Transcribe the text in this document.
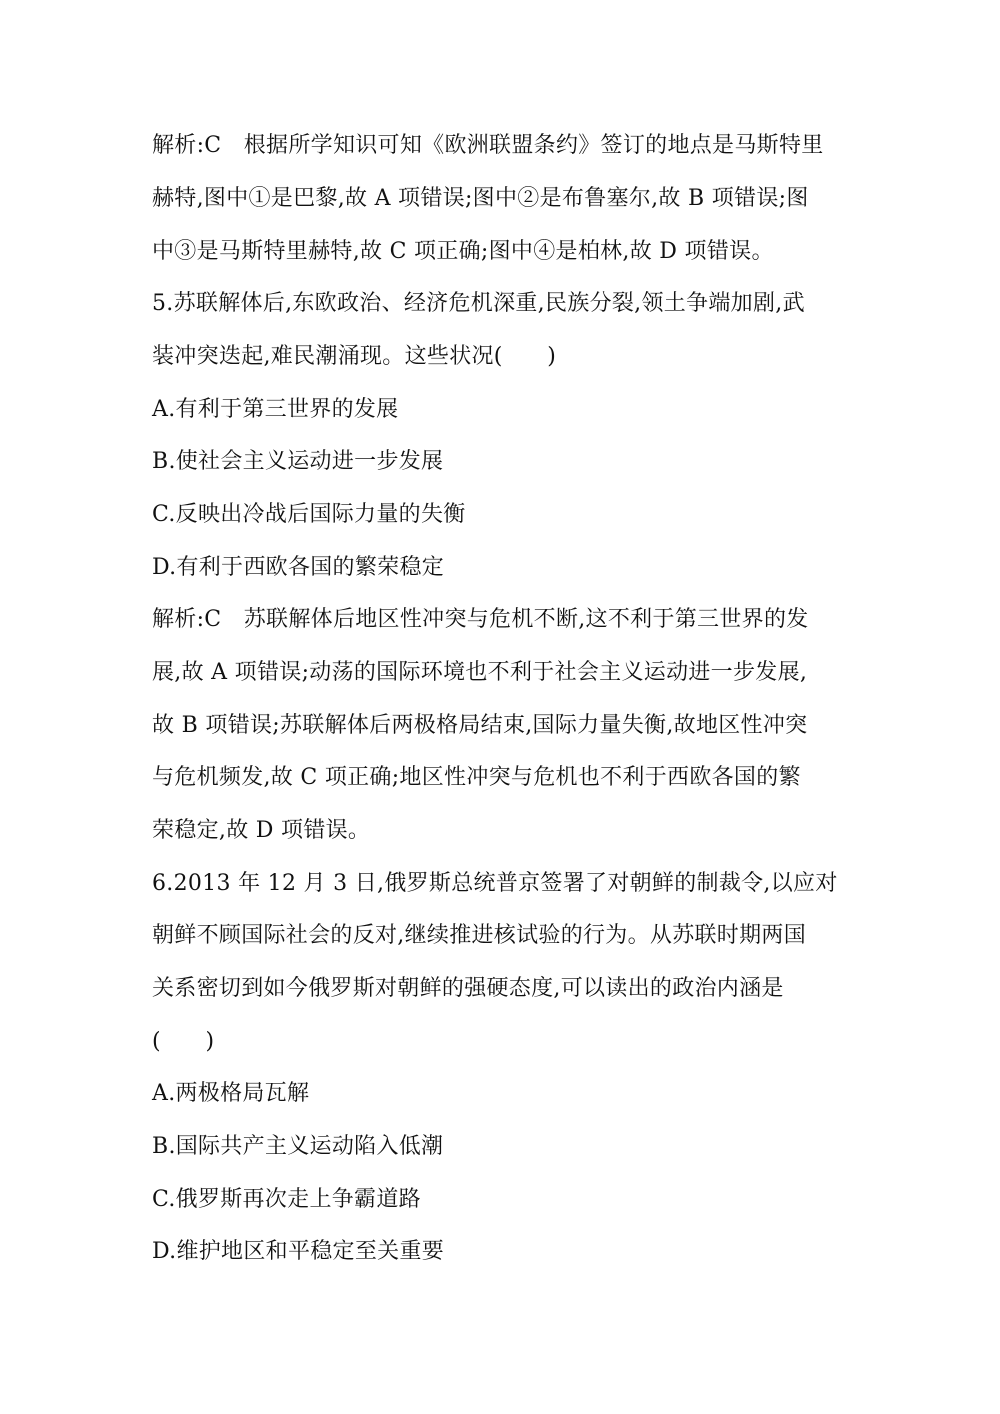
解析:C　根据所学知识可知《欧洲联盟条约》签订的地点是马斯特里
赫特,图中①是巴黎,故 A 项错误;图中②是布鲁塞尔,故 B 项错误;图
中③是马斯特里赫特,故 C 项正确;图中④是柏林,故 D 项错误。
5.苏联解体后,东欧政治、经济危机深重,民族分裂,领土争端加剧,武
装冲突迭起,难民潮涌现。这些状况(　　)
A.有利于第三世界的发展
B.使社会主义运动进一步发展
C.反映出冷战后国际力量的失衡
D.有利于西欧各国的繁荣稳定
解析:C　苏联解体后地区性冲突与危机不断,这不利于第三世界的发
展,故 A 项错误;动荡的国际环境也不利于社会主义运动进一步发展,
故 B 项错误;苏联解体后两极格局结束,国际力量失衡,故地区性冲突
与危机频发,故 C 项正确;地区性冲突与危机也不利于西欧各国的繁
荣稳定,故 D 项错误。
6.2013 年 12 月 3 日,俄罗斯总统普京签署了对朝鲜的制裁令,以应对
朝鲜不顾国际社会的反对,继续推进核试验的行为。从苏联时期两国
关系密切到如今俄罗斯对朝鲜的强硬态度,可以读出的政治内涵是
(　　)
A.两极格局瓦解
B.国际共产主义运动陷入低潮
C.俄罗斯再次走上争霸道路
D.维护地区和平稳定至关重要
